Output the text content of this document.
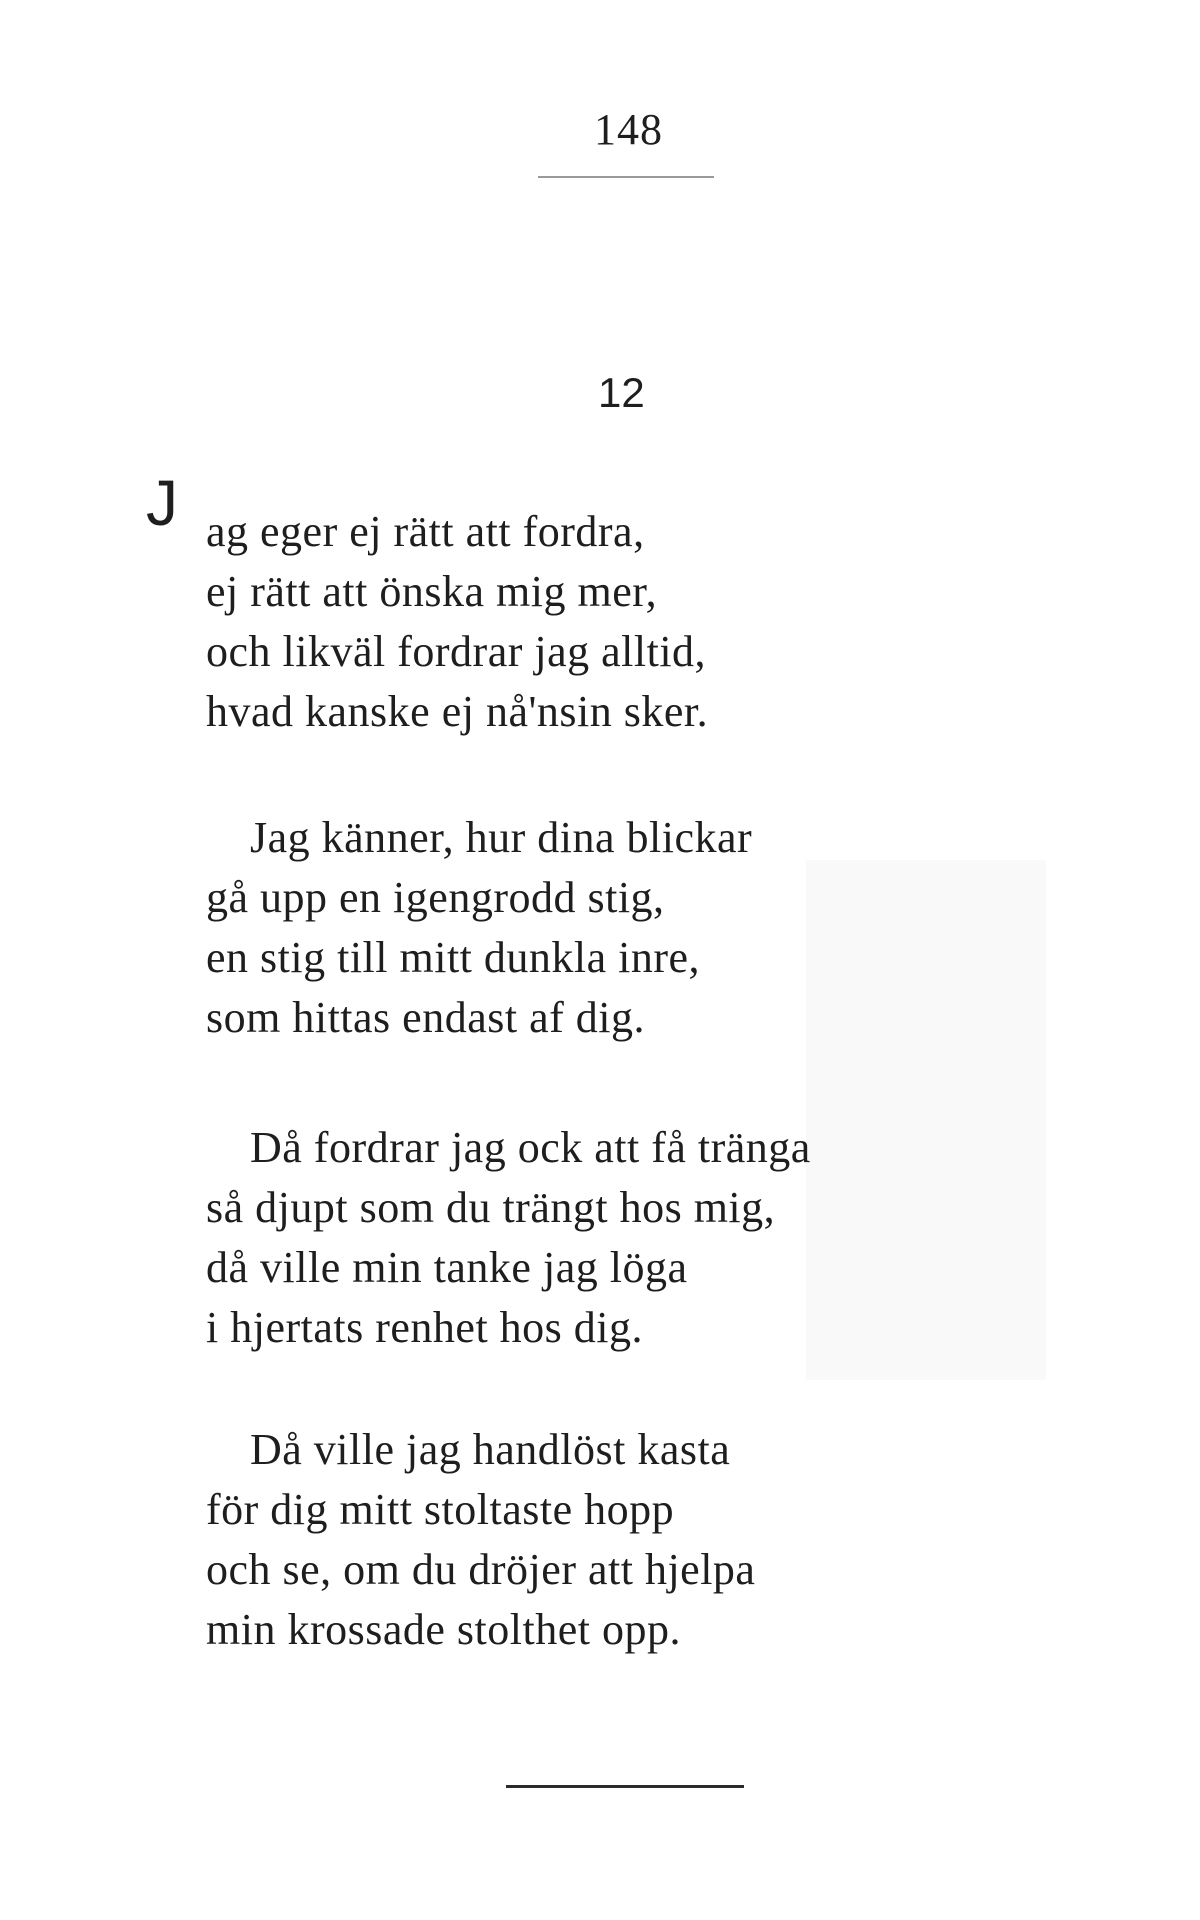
148
12
J ag eger ej rätt att fordra,
ej rätt att önska mig mer,
och likväl fordrar jag alltid,
hvad kanske ej nå'nsin sker.
Jag känner, hur dina blickar
gå upp en igengrodd stig,
en stig till mitt dunkla inre,
som hittas endast af dig.
Då fordrar jag ock att få tränga
så djupt som du trängt hos mig,
då ville min tanke jag löga
i hjertats renhet hos dig.
Då ville jag handlöst kasta
för dig mitt stoltaste hopp
och se, om du dröjer att hjelpa
min krossade stolthet opp.
